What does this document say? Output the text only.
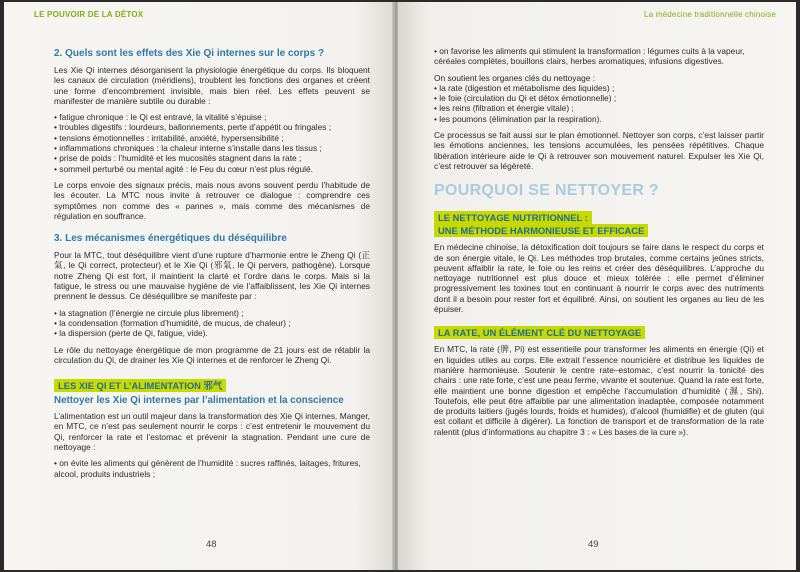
LE POUVOIR DE LA DÉTOX
2. Quels sont les effets des Xie Qi internes sur le corps ?

Les Xie Qi internes désorganisent la physiologie énergétique du corps. Ils bloquent les canaux de circulation (méridiens), troublent les fonctions des organes et créent une forme d’encombrement invisible, mais bien réel. Les effets peuvent se manifester de manière subtile ou durable :

• fatigue chronique : le Qi est entravé, la vitalité s’épuise ;
• troubles digestifs : lourdeurs, ballonnements, perte d’appétit ou fringales ;
• tensions émotionnelles : irritabilité, anxiété, hypersensibilité ;
• inflammations chroniques : la chaleur interne s’installe dans les tissus ;
• prise de poids : l’humidité et les mucosités stagnent dans la rate ;
• sommeil perturbé ou mental agité : le Feu du cœur n’est plus régulé.

Le corps envoie des signaux précis, mais nous avons souvent perdu l’habitude de les écouter. La MTC nous invite à retrouver ce dialogue : comprendre ces symptômes non comme des « pannes », mais comme des mécanismes de régulation en souffrance.

3. Les mécanismes énergétiques du déséquilibre

Pour la MTC, tout déséquilibre vient d’une rupture d’harmonie entre le Zheng Qi (正 氣, le Qi correct, protecteur) et le Xie Qi (邪氣, le Qi pervers, pathogène). Lorsque notre Zheng Qi est fort, il maintient la clarté et l’ordre dans le corps. Mais si la fatigue, le stress ou une mauvaise hygiène de vie l’affaiblissent, les Xie Qi internes prennent le dessus. Ce déséquilibre se manifeste par :

• la stagnation (l’énergie ne circule plus librement) ;
• la condensation (formation d’humidité, de mucus, de chaleur) ;
• la dispersion (perte de Qi, fatigue, vide).

Le rôle du nettoyage énergétique de mon programme de 21 jours est de rétablir la circulation du Qi, de drainer les Xie Qi internes et de renforcer le Zheng Qi.

LES XIE QI ET L’ALIMENTATION 邪气
Nettoyer les Xie Qi internes par l’alimentation et la conscience

L’alimentation est un outil majeur dans la transformation des Xie Qi internes. Manger, en MTC, ce n’est pas seulement nourrir le corps : c’est entretenir le mouvement du Qi, renforcer la rate et l’estomac et prévenir la stagnation. Pendant une cure de nettoyage :

• on évite les aliments qui génèrent de l’humidité : sucres raffinés, laitages, fritures, alcool, produits industriels ;
48
La médecine traditionnelle chinoise
• on favorise les aliments qui stimulent la transformation : légumes cuits à la vapeur, céréales complètes, bouillons clairs, herbes aromatiques, infusions digestives.

On soutient les organes clés du nettoyage :

• la rate (digestion et métabolisme des liquides) ;
• le foie (circulation du Qi et détox émotionnelle) ;
• les reins (filtration et énergie vitale) ;
• les poumons (élimination par la respiration).

Ce processus se fait aussi sur le plan émotionnel. Nettoyer son corps, c’est laisser partir les émotions anciennes, les tensions accumulées, les pensées répétitives. Chaque libération intérieure aide le Qi à retrouver son mouvement naturel. Expulser les Xie Qi, c’est retrouver sa légèreté.

POURQUOI SE NETTOYER ?
LE NETTOYAGE NUTRITIONNEL :
UNE MÉTHODE HARMONIEUSE ET EFFICACE

En médecine chinoise, la détoxification doit toujours se faire dans le respect du corps et de son énergie vitale, le Qi. Les méthodes trop brutales, comme certains jeûnes stricts, peuvent affaiblir la rate, le foie ou les reins et créer des déséquilibres. L’approche du nettoyage nutritionnel est plus douce et mieux tolérée : elle permet d’éliminer progressivement les toxines tout en continuant à nourrir le corps avec des nutriments dont il a besoin pour rester fort et équilibré. Ainsi, on soutient les organes au lieu de les épuiser.

LA RATE, UN ÉLÉMENT CLÉ DU NETTOYAGE

En MTC, la rate (脾, Pi) est essentielle pour transformer les aliments en énergie (Qi) et en liquides utiles au corps. Elle extrait l’essence nourricière et distribue les liquides de manière harmonieuse. Soutenir le centre rate–estomac, c’est nourrir la tonicité des chairs : une rate forte, c’est une peau ferme, vivante et soutenue. Quand la rate est forte, elle maintient une bonne digestion et empêche l’accumulation d’humidité (濕, Shi). Toutefois, elle peut être affaiblie par une alimentation inadaptée, composée notamment de produits laitiers (jugés lourds, froids et humides), d’alcool (humidifie) et de gluten (qui est collant et difficile à digérer). La fonction de transport et de transformation de la rate ralentit (plus d’informations au chapitre 3 : « Les bases de la cure »).

49
